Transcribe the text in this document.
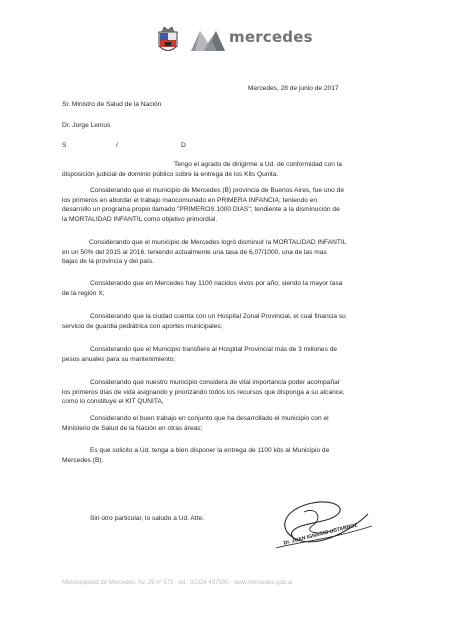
mercedes
Mercedes, 28 de junio de 2017
Sr. Ministro de Salud de la Nación
Dr. Jorge Lemus
S	/	D
Tengo el agrado de dirigirme a Ud. de conformidad con la
disposición judicial de dominio público sobre la entrega de los Kits Qunita.
Considerando que el municipio de Mercedes (B) provincia de Buenos Aires, fue uno de
los primeros en abordar el trabajo mancomunado en PRIMERA INFANCIA; teniendo en
desarrollo un programa propio llamado "PRIMEROS 1000 DIAS"; tendiente a la disminución de
la MORTALIDAD INFANTIL como objetivo primordial.
Considerando que el municipio de Mercedes logró disminuir la MORTALIDAD INFANTIL
en un 50% del 2015 al 2016, teniendo actualmente una tasa de 6,07/1000, una de las mas
bajas de la provincia y del país.
Considerando que en Mercedes hay 1100 nacidos vivos por año, siendo la mayor tasa
de la región X;
Considerando que la ciudad cuenta con un Hospital Zonal Provincial, el cual financia su
servicio de guardia pediátrica con aportes municipales;
Considerando que el Municipio transfiere al Hospital Provincial más de 3 millones de
pesos anuales para su mantenimiento;
Considerando que nuestro municipio considera de vital importancia poder acompañar
los primeros días de vida asignando y priorizando todos los recursos que disponga a su alcance,
como lo constituye el KIT QUNITA,
Considerando el buen trabajo en conjunto que ha desarrollado el municipio con el
Ministerio de Salud de la Nación en otras áreas;
Es que solicito a Ud. tenga a bien disponer la entrega de 1100 kits al Municipio de
Mercedes (B).
Sin otro particular, lo saludo a Ud. Atte.
Dr. JUAN IGNACIO USTARROZ
Municipalidad de Mercedes, Av. 29 nº 575 - tel.: 02324 437900 - www.mercedes.gob.ar
